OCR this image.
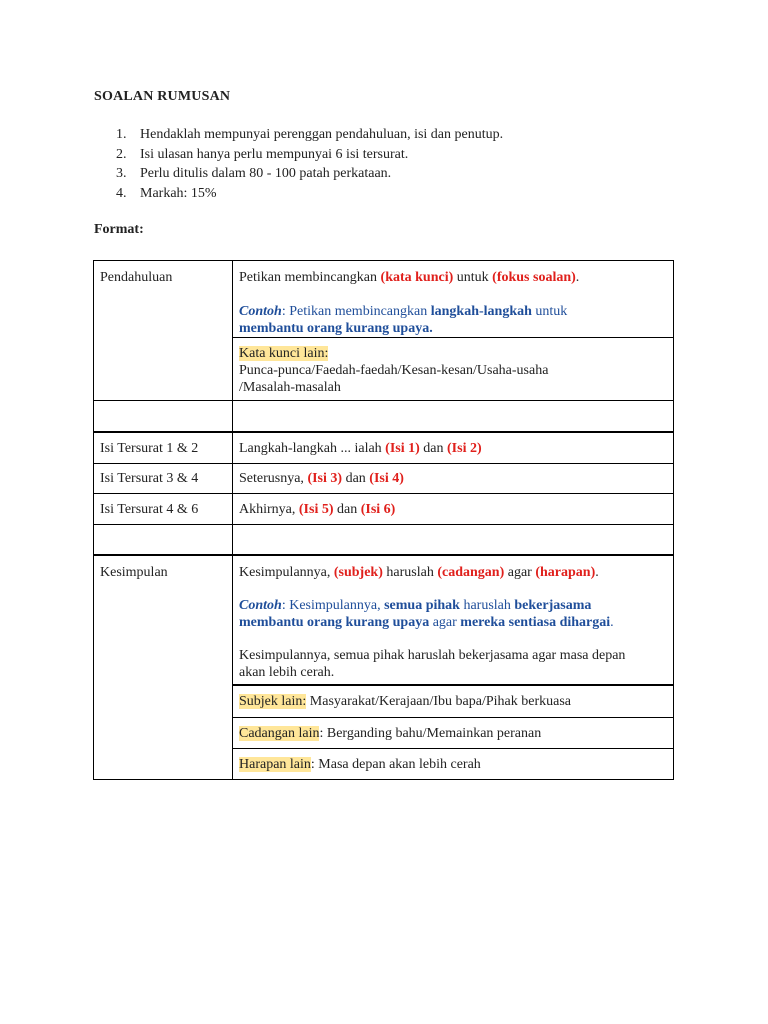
SOALAN RUMUSAN
1. Hendaklah mempunyai perenggan pendahuluan, isi dan penutup.
2. Isi ulasan hanya perlu mempunyai 6 isi tersurat.
3. Perlu ditulis dalam 80 - 100 patah perkataan.
4. Markah: 15%
Format:
Pendahuluan	Petikan membincangkan (kata kunci) untuk (fokus soalan).

Contoh: Petikan membincangkan langkah-langkah untuk
membantu orang kurang upaya.

	Kata kunci lain:
Punca-punca/Faedah-faedah/Kesan-kesan/Usaha-usaha
/Masalah-masalah

Isi Tersurat 1 & 2	Langkah-langkah ... ialah (Isi 1) dan (Isi 2)
Isi Tersurat 3 & 4	Seterusnya, (Isi 3) dan (Isi 4)
Isi Tersurat 4 & 6	Akhirnya, (Isi 5) dan (Isi 6)

Kesimpulan	Kesimpulannya, (subjek) haruslah (cadangan) agar (harapan).

Contoh: Kesimpulannya, semua pihak haruslah bekerjasama
membantu orang kurang upaya agar mereka sentiasa dihargai.

Kesimpulannya, semua pihak haruslah bekerjasama agar masa depan
akan lebih cerah.

	Subjek lain: Masyarakat/Kerajaan/Ibu bapa/Pihak berkuasa
	Cadangan lain: Berganding bahu/Memainkan peranan
	Harapan lain: Masa depan akan lebih cerah
